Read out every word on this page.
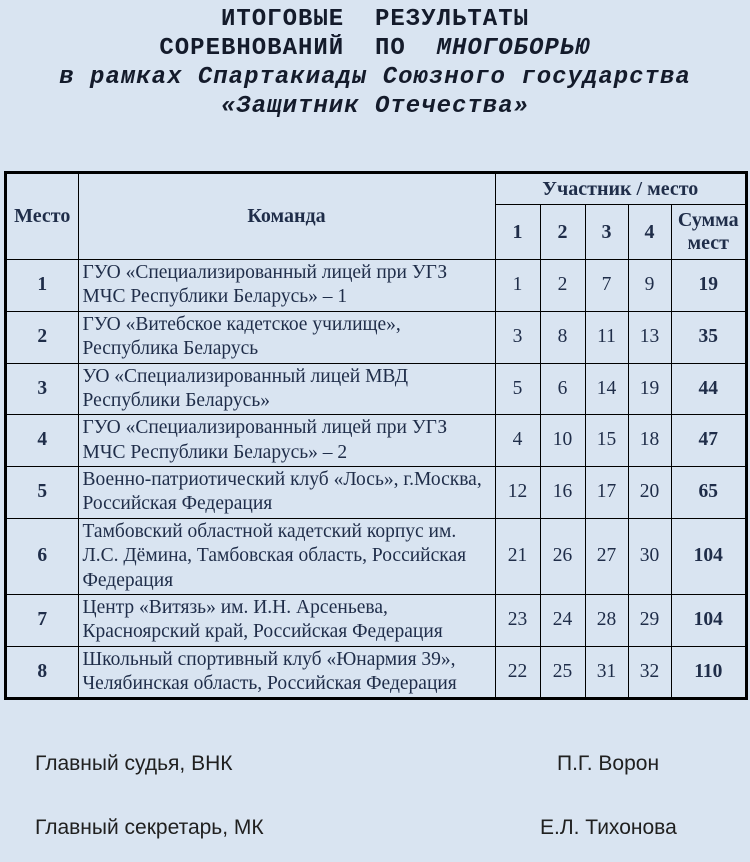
ИТОГОВЫЕ  РЕЗУЛЬТАТЫ
СОРЕВНОВАНИЙ  ПО  МНОГОБОРЬЮ
в рамках Спартакиады Союзного государства
«Защитник Отечества»
Место	Команда	Участник / место				
		1	2	3	4	Сумма мест
1	ГУО «Специализированный лицей при УГЗ МЧС Республики Беларусь» – 1	1	2	7	9	19
2	ГУО «Витебское кадетское училище», Республика Беларусь	3	8	11	13	35
3	УО «Специализированный лицей МВД Республики Беларусь»	5	6	14	19	44
4	ГУО «Специализированный лицей при УГЗ МЧС Республики Беларусь» – 2	4	10	15	18	47
5	Военно-патриотический клуб «Лось», г.Москва, Российская Федерация	12	16	17	20	65
6	Тамбовский областной кадетский корпус им. Л.С. Дёмина, Тамбовская область, Российская Федерация	21	26	27	30	104
7	Центр «Витязь» им. И.Н. Арсеньева, Красноярский край, Российская Федерация	23	24	28	29	104
8	Школьный спортивный клуб «Юнармия 39», Челябинская область, Российская Федерация	22	25	31	32	110
Главный судья, ВНК	П.Г. Ворон
Главный секретарь, МК	Е.Л. Тихонова
